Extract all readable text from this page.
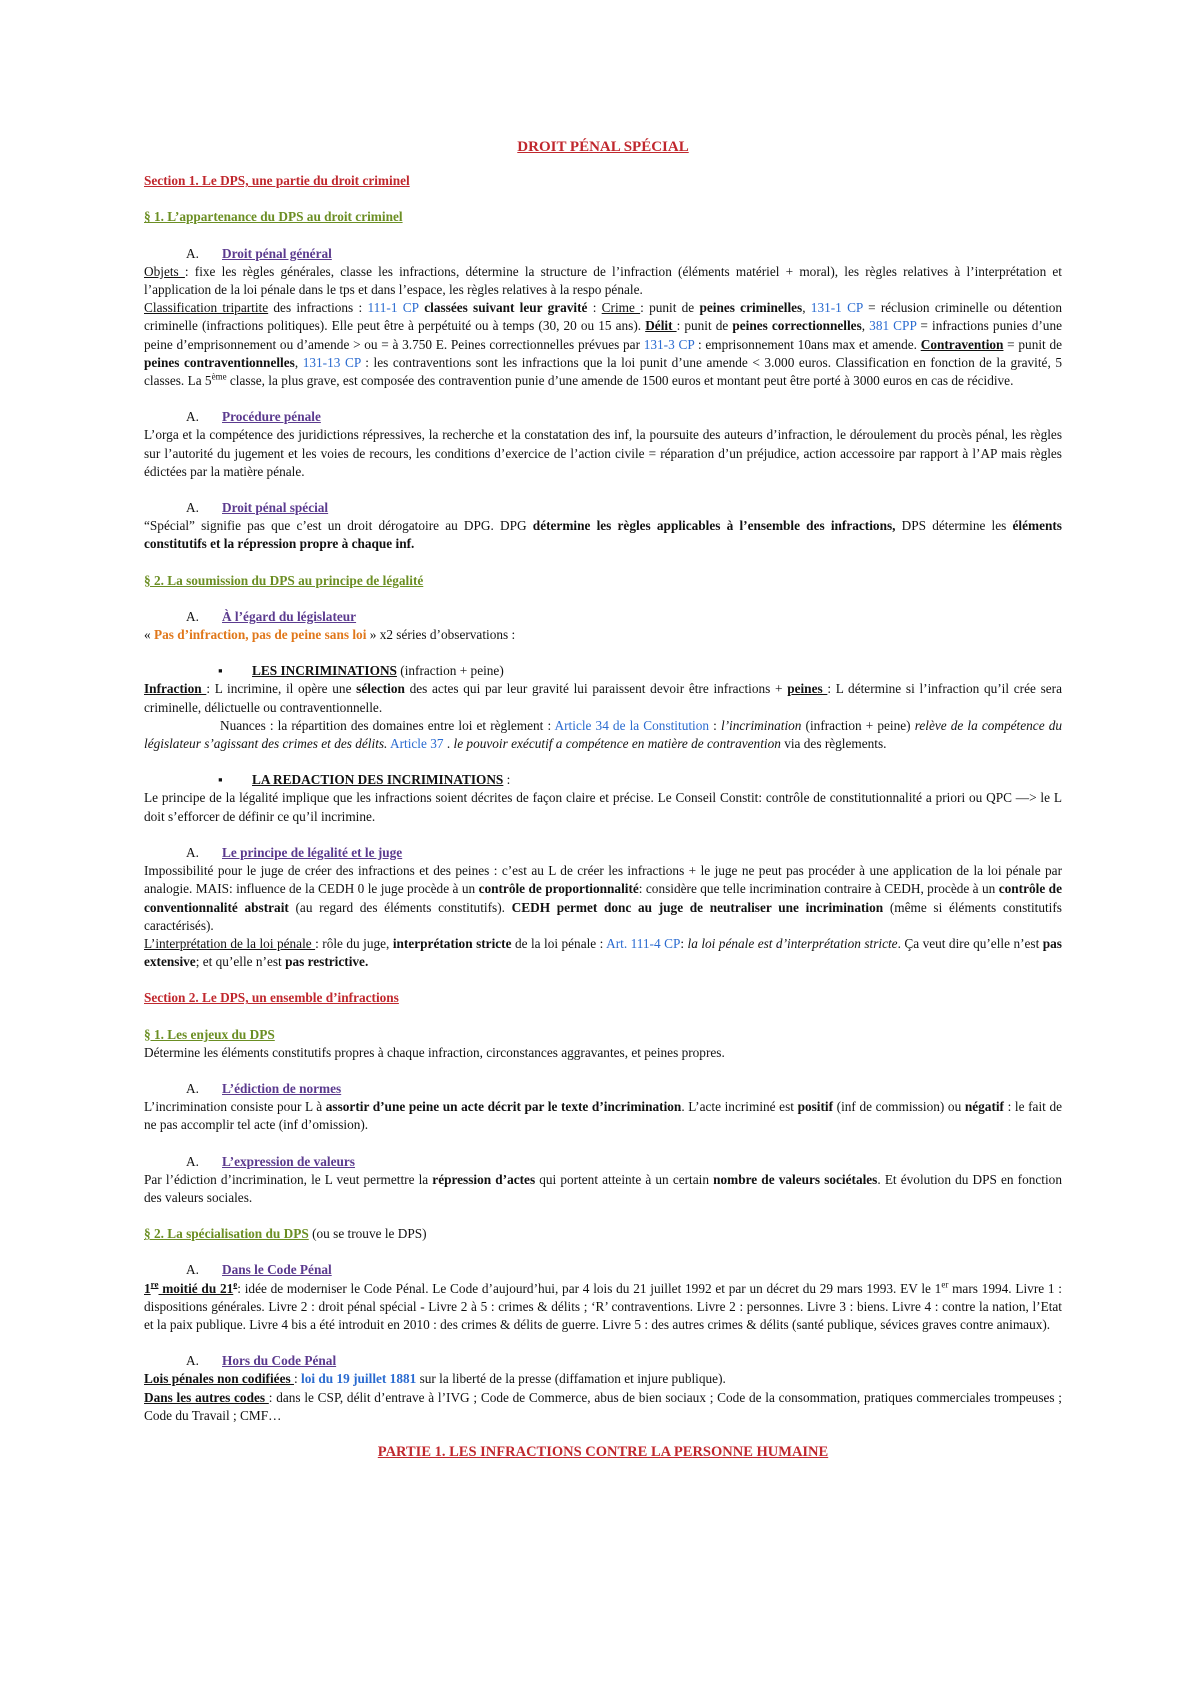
DROIT PÉNAL SPÉCIAL

Section 1. Le DPS, une partie du droit criminel

§ 1. L’appartenance du DPS au droit criminel

A. Droit pénal général

Objets : fixe les règles générales, classe les infractions, détermine la structure de l’infraction (éléments matériel + moral), les règles relatives à l’interprétation et l’application de la loi pénale dans le tps et dans l’espace, les règles relatives à la respo pénale.

Classification tripartite des infractions : 111-1 CP classées suivant leur gravité : Crime : punit de peines criminelles, 131-1 CP = réclusion criminelle ou détention criminelle (infractions politiques). Elle peut être à perpétuité ou à temps (30, 20 ou 15 ans). Délit : punit de peines correctionnelles, 381 CPP = infractions punies d’une peine d’emprisonnement ou d’amende > ou = à 3.750 E. Peines correctionnelles prévues par 131-3 CP : emprisonnement 10ans max et amende. Contravention = punit de peines contraventionnelles, 131-13 CP : les contraventions sont les infractions que la loi punit d’une amende < 3.000 euros. Classification en fonction de la gravité, 5 classes. La 5ème classe, la plus grave, est composée des contravention punie d’une amende de 1500 euros et montant peut être porté à 3000 euros en cas de récidive.

A. Procédure pénale

L’orga et la compétence des juridictions répressives, la recherche et la constatation des inf, la poursuite des auteurs d’infraction, le déroulement du procès pénal, les règles sur l’autorité du jugement et les voies de recours, les conditions d’exercice de l’action civile = réparation d’un préjudice, action accessoire par rapport à l’AP mais règles édictées par la matière pénale.

A. Droit pénal spécial

“Spécial” signifie pas que c’est un droit dérogatoire au DPG. DPG détermine les règles applicables à l’ensemble des infractions, DPS détermine les éléments constitutifs et la répression propre à chaque inf.

§ 2. La soumission du DPS au principe de légalité

A. À l’égard du législateur

« Pas d’infraction, pas de peine sans loi » x2 séries d’observations :

▪ LES INCRIMINATIONS (infraction + peine)

Infraction : L incrimine, il opère une sélection des actes qui par leur gravité lui paraissent devoir être infractions + peines : L détermine si l’infraction qu’il crée sera criminelle, délictuelle ou contraventionnelle.

Nuances : la répartition des domaines entre loi et règlement : Article 34 de la Constitution : l’incrimination (infraction + peine) relève de la compétence du législateur s’agissant des crimes et des délits. Article 37 . le pouvoir exécutif a compétence en matière de contravention via des règlements.

▪ LA REDACTION DES INCRIMINATIONS :

Le principe de la légalité implique que les infractions soient décrites de façon claire et précise. Le Conseil Constit: contrôle de constitutionnalité a priori ou QPC —> le L doit s’efforcer de définir ce qu’il incrimine.

A. Le principe de légalité et le juge

Impossibilité pour le juge de créer des infractions et des peines : c’est au L de créer les infractions + le juge ne peut pas procéder à une application de la loi pénale par analogie. MAIS: influence de la CEDH 0 le juge procède à un contrôle de proportionnalité: considère que telle incrimination contraire à CEDH, procède à un contrôle de conventionnalité abstrait (au regard des éléments constitutifs). CEDH permet donc au juge de neutraliser une incrimination (même si éléments constitutifs caractérisés).

L’interprétation de la loi pénale : rôle du juge, interprétation stricte de la loi pénale : Art. 111-4 CP: la loi pénale est d’interprétation stricte. Ça veut dire qu’elle n’est pas extensive; et qu’elle n’est pas restrictive.

Section 2. Le DPS, un ensemble d’infractions

§ 1. Les enjeux du DPS

Détermine les éléments constitutifs propres à chaque infraction, circonstances aggravantes, et peines propres.

A. L’édiction de normes

L’incrimination consiste pour L à assortir d’une peine un acte décrit par le texte d’incrimination. L’acte incriminé est positif (inf de commission) ou négatif : le fait de ne pas accomplir tel acte (inf d’omission).

A. L’expression de valeurs

Par l’édiction d’incrimination, le L veut permettre la répression d’actes qui portent atteinte à un certain nombre de valeurs sociétales. Et évolution du DPS en fonction des valeurs sociales.

§ 2. La spécialisation du DPS (ou se trouve le DPS)

A. Dans le Code Pénal

1re moitié du 21e: idée de moderniser le Code Pénal. Le Code d’aujourd’hui, par 4 lois du 21 juillet 1992 et par un décret du 29 mars 1993. EV le 1er mars 1994. Livre 1 : dispositions générales. Livre 2 : droit pénal spécial - Livre 2 à 5 : crimes & délits ; ‘R’ contraventions. Livre 2 : personnes. Livre 3 : biens. Livre 4 : contre la nation, l’Etat et la paix publique. Livre 4 bis a été introduit en 2010 : des crimes & délits de guerre. Livre 5 : des autres crimes & délits (santé publique, sévices graves contre animaux).

A. Hors du Code Pénal

Lois pénales non codifiées : loi du 19 juillet 1881 sur la liberté de la presse (diffamation et injure publique).

Dans les autres codes : dans le CSP, délit d’entrave à l’IVG ; Code de Commerce, abus de bien sociaux ; Code de la consommation, pratiques commerciales trompeuses ; Code du Travail ; CMF…

PARTIE 1. LES INFRACTIONS CONTRE LA PERSONNE HUMAINE
